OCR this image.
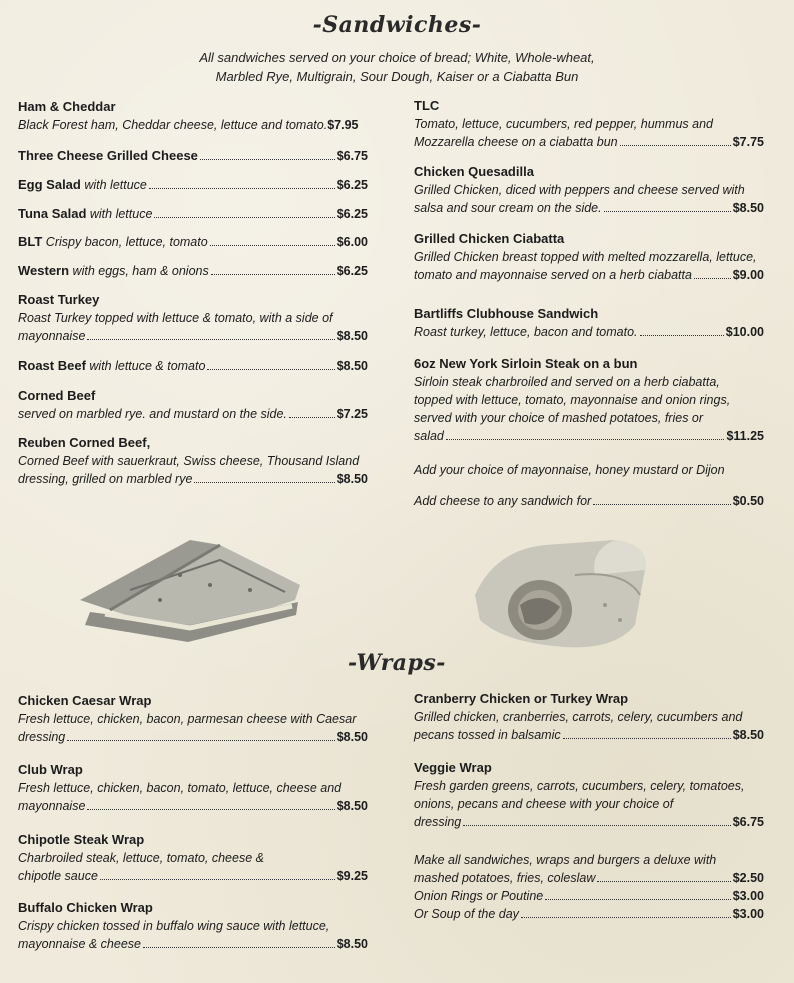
-Sandwiches-
All sandwiches served on your choice of bread; White, Whole-wheat,
Marbled Rye, Multigrain, Sour Dough, Kaiser or a Ciabatta Bun
Ham & Cheddar
Black Forest ham, Cheddar cheese, lettuce and tomato. $7.95
Three Cheese Grilled Cheese	$6.75
Egg Salad
with lettuce	$6.25
Tuna Salad
with lettuce	$6.25
BLT
Crispy bacon, lettuce, tomato	$6.00
Western
with eggs, ham & onions	$6.25
Roast Turkey
Roast Turkey topped with lettuce & tomato, with a side of
mayonnaise	$8.50
Roast Beef
with lettuce & tomato	$8.50
Corned Beef
served on marbled rye. and mustard on the side.	$7.25
Reuben Corned Beef,
Corned Beef with sauerkraut, Swiss cheese, Thousand Island
dressing, grilled on marbled rye	$8.50
TLC
Tomato, lettuce, cucumbers, red pepper, hummus and
Mozzarella cheese on a ciabatta bun	$7.75
Chicken Quesadilla
Grilled Chicken, diced with peppers and cheese served with
salsa and sour cream on the side.	$8.50
Grilled Chicken Ciabatta
Grilled Chicken breast topped with melted mozzarella, lettuce,
tomato and mayonnaise served on a herb ciabatta	$9.00
Bartliffs Clubhouse Sandwich
Roast turkey, lettuce, bacon and tomato.	$10.00
6oz New York Sirloin Steak on a bun
Sirloin steak charbroiled and served on a herb ciabatta,
topped with lettuce, tomato, mayonnaise and onion rings,
served with your choice of mashed potatoes, fries or
salad	$11.25
Add your choice of mayonnaise, honey mustard or Dijon
Add cheese to any sandwich for	$0.50
-Wraps-
Chicken Caesar Wrap
Fresh lettuce, chicken, bacon, parmesan cheese with Caesar
dressing	$8.50
Club Wrap
Fresh lettuce, chicken, bacon, tomato, lettuce, cheese and
mayonnaise	$8.50
Chipotle Steak Wrap
Charbroiled steak, lettuce, tomato, cheese &
chipotle sauce	$9.25
Buffalo Chicken Wrap
Crispy chicken tossed in buffalo wing sauce with lettuce,
mayonnaise & cheese	$8.50
Cranberry Chicken or Turkey Wrap
Grilled chicken, cranberries, carrots, celery, cucumbers and
pecans tossed in balsamic	$8.50
Veggie Wrap
Fresh garden greens, carrots, cucumbers, celery, tomatoes,
onions, pecans and cheese with your choice of
dressing	$6.75
Make all sandwiches, wraps and burgers a deluxe with
mashed potatoes, fries, coleslaw	$2.50
Onion Rings or Poutine	$3.00
Or Soup of the day	$3.00
